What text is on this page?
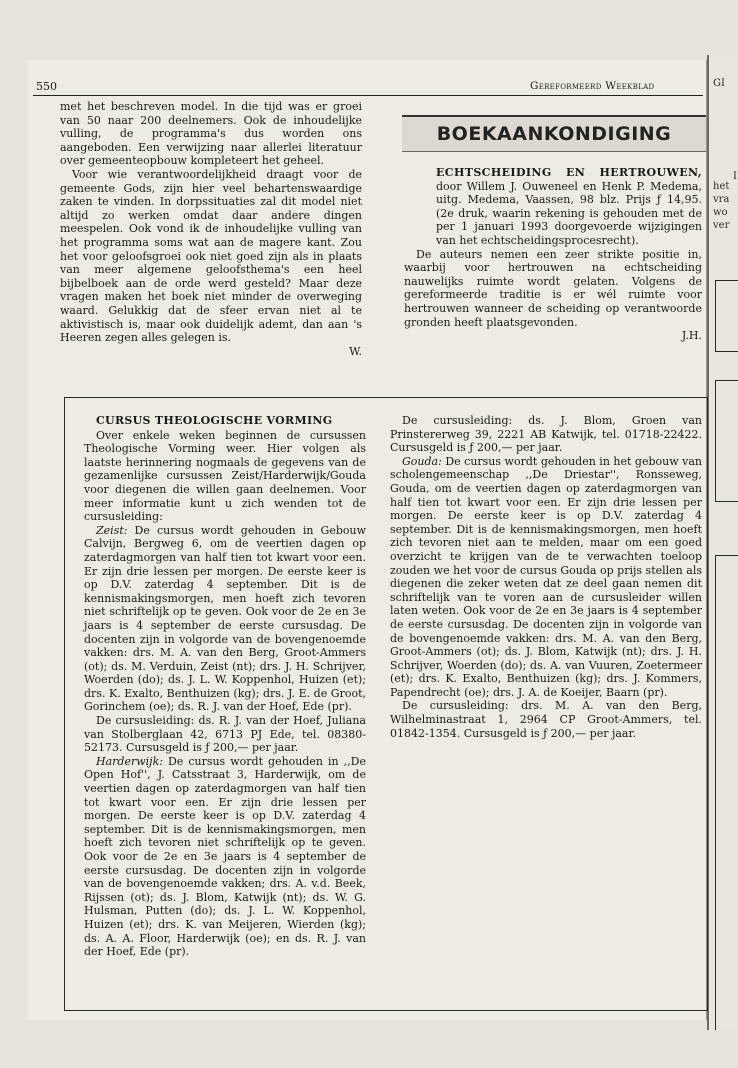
GI
I
het
vra
wo
ver
550	Gereformeerd Weekblad

met het beschreven model. In die tijd was er groei van 50 naar 200 deelnemers. Ook de inhoudelijke vulling, de programma's dus worden ons aangeboden. Een verwijzing naar allerlei literatuur over gemeenteopbouw kompleteert het geheel.

Voor wie verantwoordelijkheid draagt voor de gemeente Gods, zijn hier veel behartenswaardige zaken te vinden. In dorpssituaties zal dit model niet altijd zo werken omdat daar andere dingen meespelen. Ook vond ik de inhoudelijke vulling van het programma soms wat aan de magere kant. Zou het voor geloofsgroei ook niet goed zijn als in plaats van meer algemene geloofsthema's een heel bijbelboek aan de orde werd gesteld? Maar deze vragen maken het boek niet minder de overweging waard. Gelukkig dat de sfeer ervan niet al te aktivistisch is, maar ook duidelijk ademt, dan aan 's Heeren zegen alles gelegen is.

W.

BOEKAANKONDIGING

ECHTSCHEIDING EN HERTROUWEN, door Willem J. Ouweneel en Henk P. Medema, uitg. Medema, Vaassen, 98 blz. Prijs ƒ 14,95. (2e druk, waarin rekening is gehouden met de per 1 januari 1993 doorgevoerde wijzigingen van het echtscheidingsprocesrecht).

De auteurs nemen een zeer strikte positie in, waarbij voor hertrouwen na echtscheiding nauwelijks ruimte wordt gelaten. Volgens de gereformeerde traditie is er wél ruimte voor hertrouwen wanneer de scheiding op verantwoorde gronden heeft plaatsgevonden.

J.H.

CURSUS THEOLOGISCHE VORMING

Over enkele weken beginnen de cursussen Theologische Vorming weer. Hier volgen als laatste herinnering nogmaals de gegevens van de gezamenlijke cursussen Zeist/Harderwijk/Gouda voor diegenen die willen gaan deelnemen. Voor meer informatie kunt u zich wenden tot de cursusleiding:

Zeist: De cursus wordt gehouden in Gebouw Calvijn, Bergweg 6, om de veertien dagen op zaterdagmorgen van half tien tot kwart voor een. Er zijn drie lessen per morgen. De eerste keer is op D.V. zaterdag 4 september. Dit is de kennismakingsmorgen, men hoeft zich tevoren niet schriftelijk op te geven. Ook voor de 2e en 3e jaars is 4 september de eerste cursusdag. De docenten zijn in volgorde van de bovengenoemde vakken: drs. M. A. van den Berg, Groot-Ammers (ot); ds. M. Verduin, Zeist (nt); drs. J. H. Schrijver, Woerden (do); ds. J. L. W. Koppenhol, Huizen (et); drs. K. Exalto, Benthuizen (kg); drs. J. E. de Groot, Gorinchem (oe); ds. R. J. van der Hoef, Ede (pr).

De cursusleiding: ds. R. J. van der Hoef, Juliana van Stolberglaan 42, 6713 PJ Ede, tel. 08380-52173. Cursusgeld is ƒ 200,— per jaar.

Harderwijk: De cursus wordt gehouden in ,,De Open Hof'', J. Catsstraat 3, Harderwijk, om de veertien dagen op zaterdagmorgen van half tien tot kwart voor een. Er zijn drie lessen per morgen. De eerste keer is op D.V. zaterdag 4 september. Dit is de kennismakingsmorgen, men hoeft zich tevoren niet schriftelijk op te geven. Ook voor de 2e en 3e jaars is 4 september de eerste cursusdag. De docenten zijn in volgorde van de bovengenoemde vakken; drs. A. v.d. Beek, Rijssen (ot); ds. J. Blom, Katwijk (nt); ds. W. G. Hulsman, Putten (do); ds. J. L. W. Koppenhol, Huizen (et); drs. K. van Meijeren, Wierden (kg); ds. A. A. Floor, Harderwijk (oe); en ds. R. J. van der Hoef, Ede (pr).

De cursusleiding: ds. J. Blom, Groen van Prinstererweg 39, 2221 AB Katwijk, tel. 01718-22422. Cursusgeld is ƒ 200,— per jaar.

Gouda: De cursus wordt gehouden in het gebouw van scholengemeenschap ,,De Driestar'', Ronsseweg, Gouda, om de veertien dagen op zaterdagmorgen van half tien tot kwart voor een. Er zijn drie lessen per morgen. De eerste keer is op D.V. zaterdag 4 september. Dit is de kennismakingsmorgen, men hoeft zich tevoren niet aan te melden, maar om een goed overzicht te krijgen van de te verwachten toeloop zouden we het voor de cursus Gouda op prijs stellen als diegenen die zeker weten dat ze deel gaan nemen dit schriftelijk van te voren aan de cursusleider willen laten weten. Ook voor de 2e en 3e jaars is 4 september de eerste cursusdag. De docenten zijn in volgorde van de bovengenoemde vakken: drs. M. A. van den Berg, Groot-Ammers (ot); ds. J. Blom, Katwijk (nt); drs. J. H. Schrijver, Woerden (do); ds. A. van Vuuren, Zoetermeer (et); drs. K. Exalto, Benthuizen (kg); drs. J. Kommers, Papendrecht (oe); drs. J. A. de Koeijer, Baarn (pr).

De cursusleiding: drs. M. A. van den Berg, Wilhelminastraat 1, 2964 CP Groot-Ammers, tel. 01842-1354. Cursusgeld is ƒ 200,— per jaar.
